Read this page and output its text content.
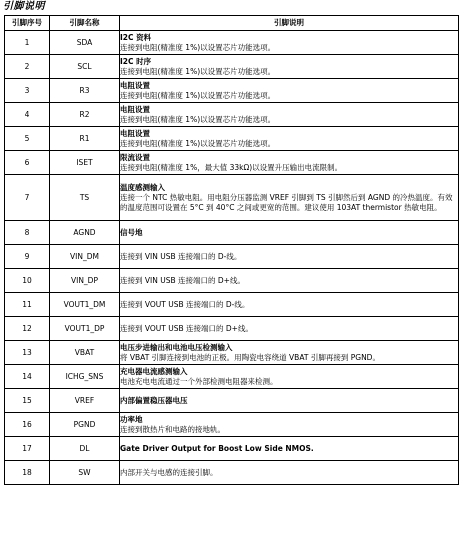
引脚说明
引脚序号	引脚名称	引脚说明
1	SDA	I2C 资料
连接到电阻(精准度 1%)以设置芯片功能选项。

2	SCL	I2C 时序
连接到电阻(精准度 1%)以设置芯片功能选项。

3	R3	电阻设置
连接到电阻(精准度 1%)以设置芯片功能选项。

4	R2	电阻设置
连接到电阻(精准度 1%)以设置芯片功能选项。

5	R1	电阻设置
连接到电阻(精准度 1%)以设置芯片功能选项。

6	ISET	限流设置
连接到电阻(精准度 1%，最大值 33kΩ)以设置升压输出电流限制。

7	TS	温度感测输入
连接一个 NTC 热敏电阻。用电阻分压器监测 VREF 引脚到 TS 引脚然后到 AGND 的冷热温度。有效的温度范围可设置在 5°C 到 40°C 之间或更宽的范围。建议使用 103AT thermistor 热敏电阻。

8	AGND	信号地

9	VIN_DM	连接到 VIN USB 连接端口的 D-线。

10	VIN_DP	连接到 VIN USB 连接端口的 D+线。

11	VOUT1_DM	连接到 VOUT USB 连接端口的 D-线。

12	VOUT1_DP	连接到 VOUT USB 连接端口的 D+线。

13	VBAT	电压步进输出和电池电压检测输入
将 VBAT 引脚连接到电池的正极。用陶瓷电容绕道 VBAT 引脚再接到 PGND。

14	ICHG_SNS	充电器电流感测输入
电池充电电流通过一个外部检测电阻器来检测。

15	VREF	内部偏置稳压器电压

16	PGND	功率地
连接到散热片和电路的接地轨。

17	DL	Gate Driver Output for Boost Low Side NMOS.

18	SW	内部开关与电感的连接引脚。
